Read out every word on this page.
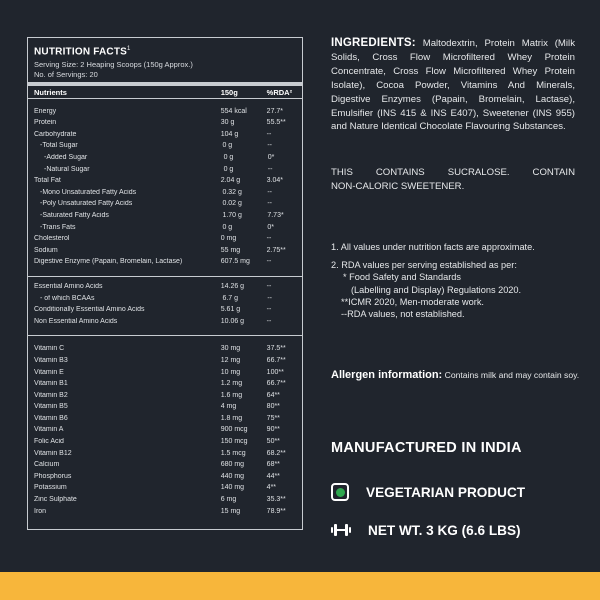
NUTRITION FACTS$^1$
Serving Size: 2 Heaping Scoops (150g Approx.)
No. of Servings: 20
Nutrients	150g	%RDA²
Energy	554 kcal	27.7*
Protein	30 g	55.5**
Carbohydrate	104 g	--
-Total Sugar	0 g	--
-Added Sugar	0 g	0*
-Natural Sugar	0 g	--
Total Fat	2.04 g	3.04*
-Mono Unsaturated Fatty Acids	0.32 g	--
-Poly Unsaturated Fatty Acids	0.02 g	--
-Saturated Fatty Acids	1.70 g	7.73*
-Trans Fats	0 g	0*
Cholesterol	0 mg	--
Sodium	55 mg	2.75**
Digestive Enzyme (Papain, Bromelain, Lactase)	607.5 mg	--
Essential Amino Acids	14.26 g	--
- of which BCAAs	6.7 g	--
Conditionally Essential Amino Acids	5.61 g	--
Non Essential Amino Acids	10.06 g	--
Vitamin C	30 mg	37.5**
Vitamin B3	12 mg	66.7**
Vitamin E	10 mg	100**
Vitamin B1	1.2 mg	66.7**
Vitamin B2	1.6 mg	64**
Vitamin B5	4 mg	80**
Vitamin B6	1.8 mg	75**
Vitamin A	900 mcg	90**
Folic Acid	150 mcg	50**
Vitamin B12	1.5 mcg	68.2**
Calcium	680 mg	68**
Phosphorus	440 mg	44**
Potassium	140 mg	4**
Zinc Sulphate	6 mg	35.3**
Iron	15 mg	78.9**

INGREDIENTS: Maltodextrin, Protein Matrix (Milk Solids, Cross Flow Microfiltered Whey Protein Concentrate, Cross Flow Microfiltered Whey Protein Isolate), Cocoa Powder, Vitamins And Minerals, Digestive Enzymes (Papain, Bromelain, Lactase), Emulsifier (INS 415 & INS E407), Sweetener (INS 955) and Nature Identical Chocolate Flavouring Substances.

THIS CONTAINS SUCRALOSE. CONTAIN

NON-CALORIC SWEETENER.

1. All values under nutrition facts are approximate.
2. RDA values per serving established as per:
* Food Safety and Standards
(Labelling and Display) Regulations 2020.
**ICMR 2020, Men-moderate work.
--RDA values, not established.
Allergen information: Contains milk and may contain soy.
MANUFACTURED IN INDIA
VEGETARIAN PRODUCT
NET WT. 3 KG (6.6 LBS)
